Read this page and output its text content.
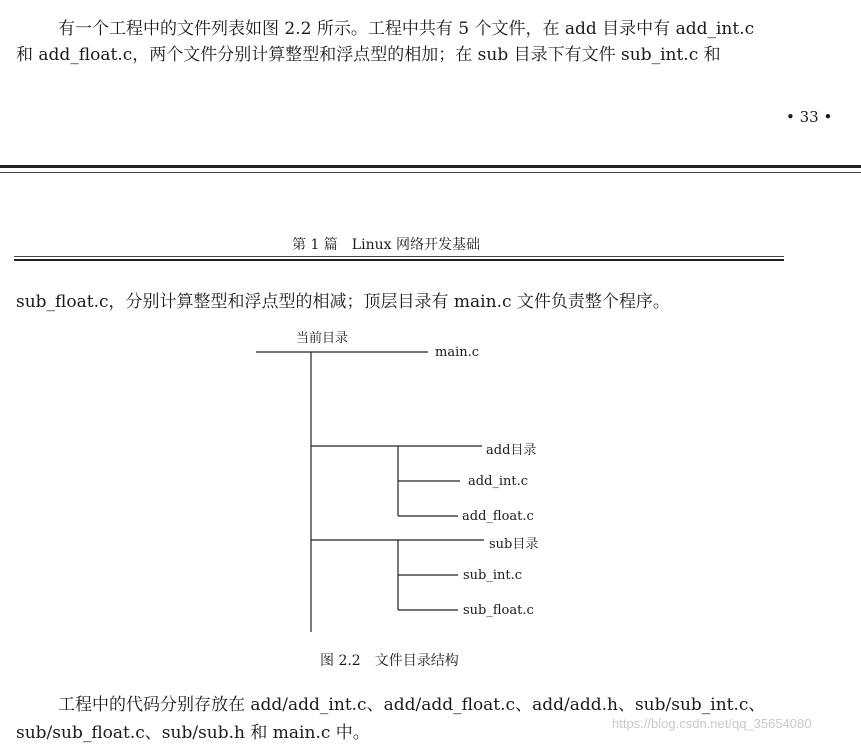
有一个工程中的文件列表如图 2.2 所示。工程中共有 5 个文件，在 add 目录中有 add_int.c
和 add_float.c，两个文件分别计算整型和浮点型的相加；在 sub 目录下有文件 sub_int.c 和
• 33 •
第 1 篇　Linux 网络开发基础
sub_float.c，分别计算整型和浮点型的相减；顶层目录有 main.c 文件负责整个程序。
当前目录
main.c
add目录
add_int.c
add_float.c
sub目录
sub_int.c
sub_float.c
图 2.2　文件目录结构
工程中的代码分别存放在 add/add_int.c、add/add_float.c、add/add.h、sub/sub_int.c、
sub/sub_float.c、sub/sub.h 和 main.c 中。	https://blog.csdn.net/qq_35654080
